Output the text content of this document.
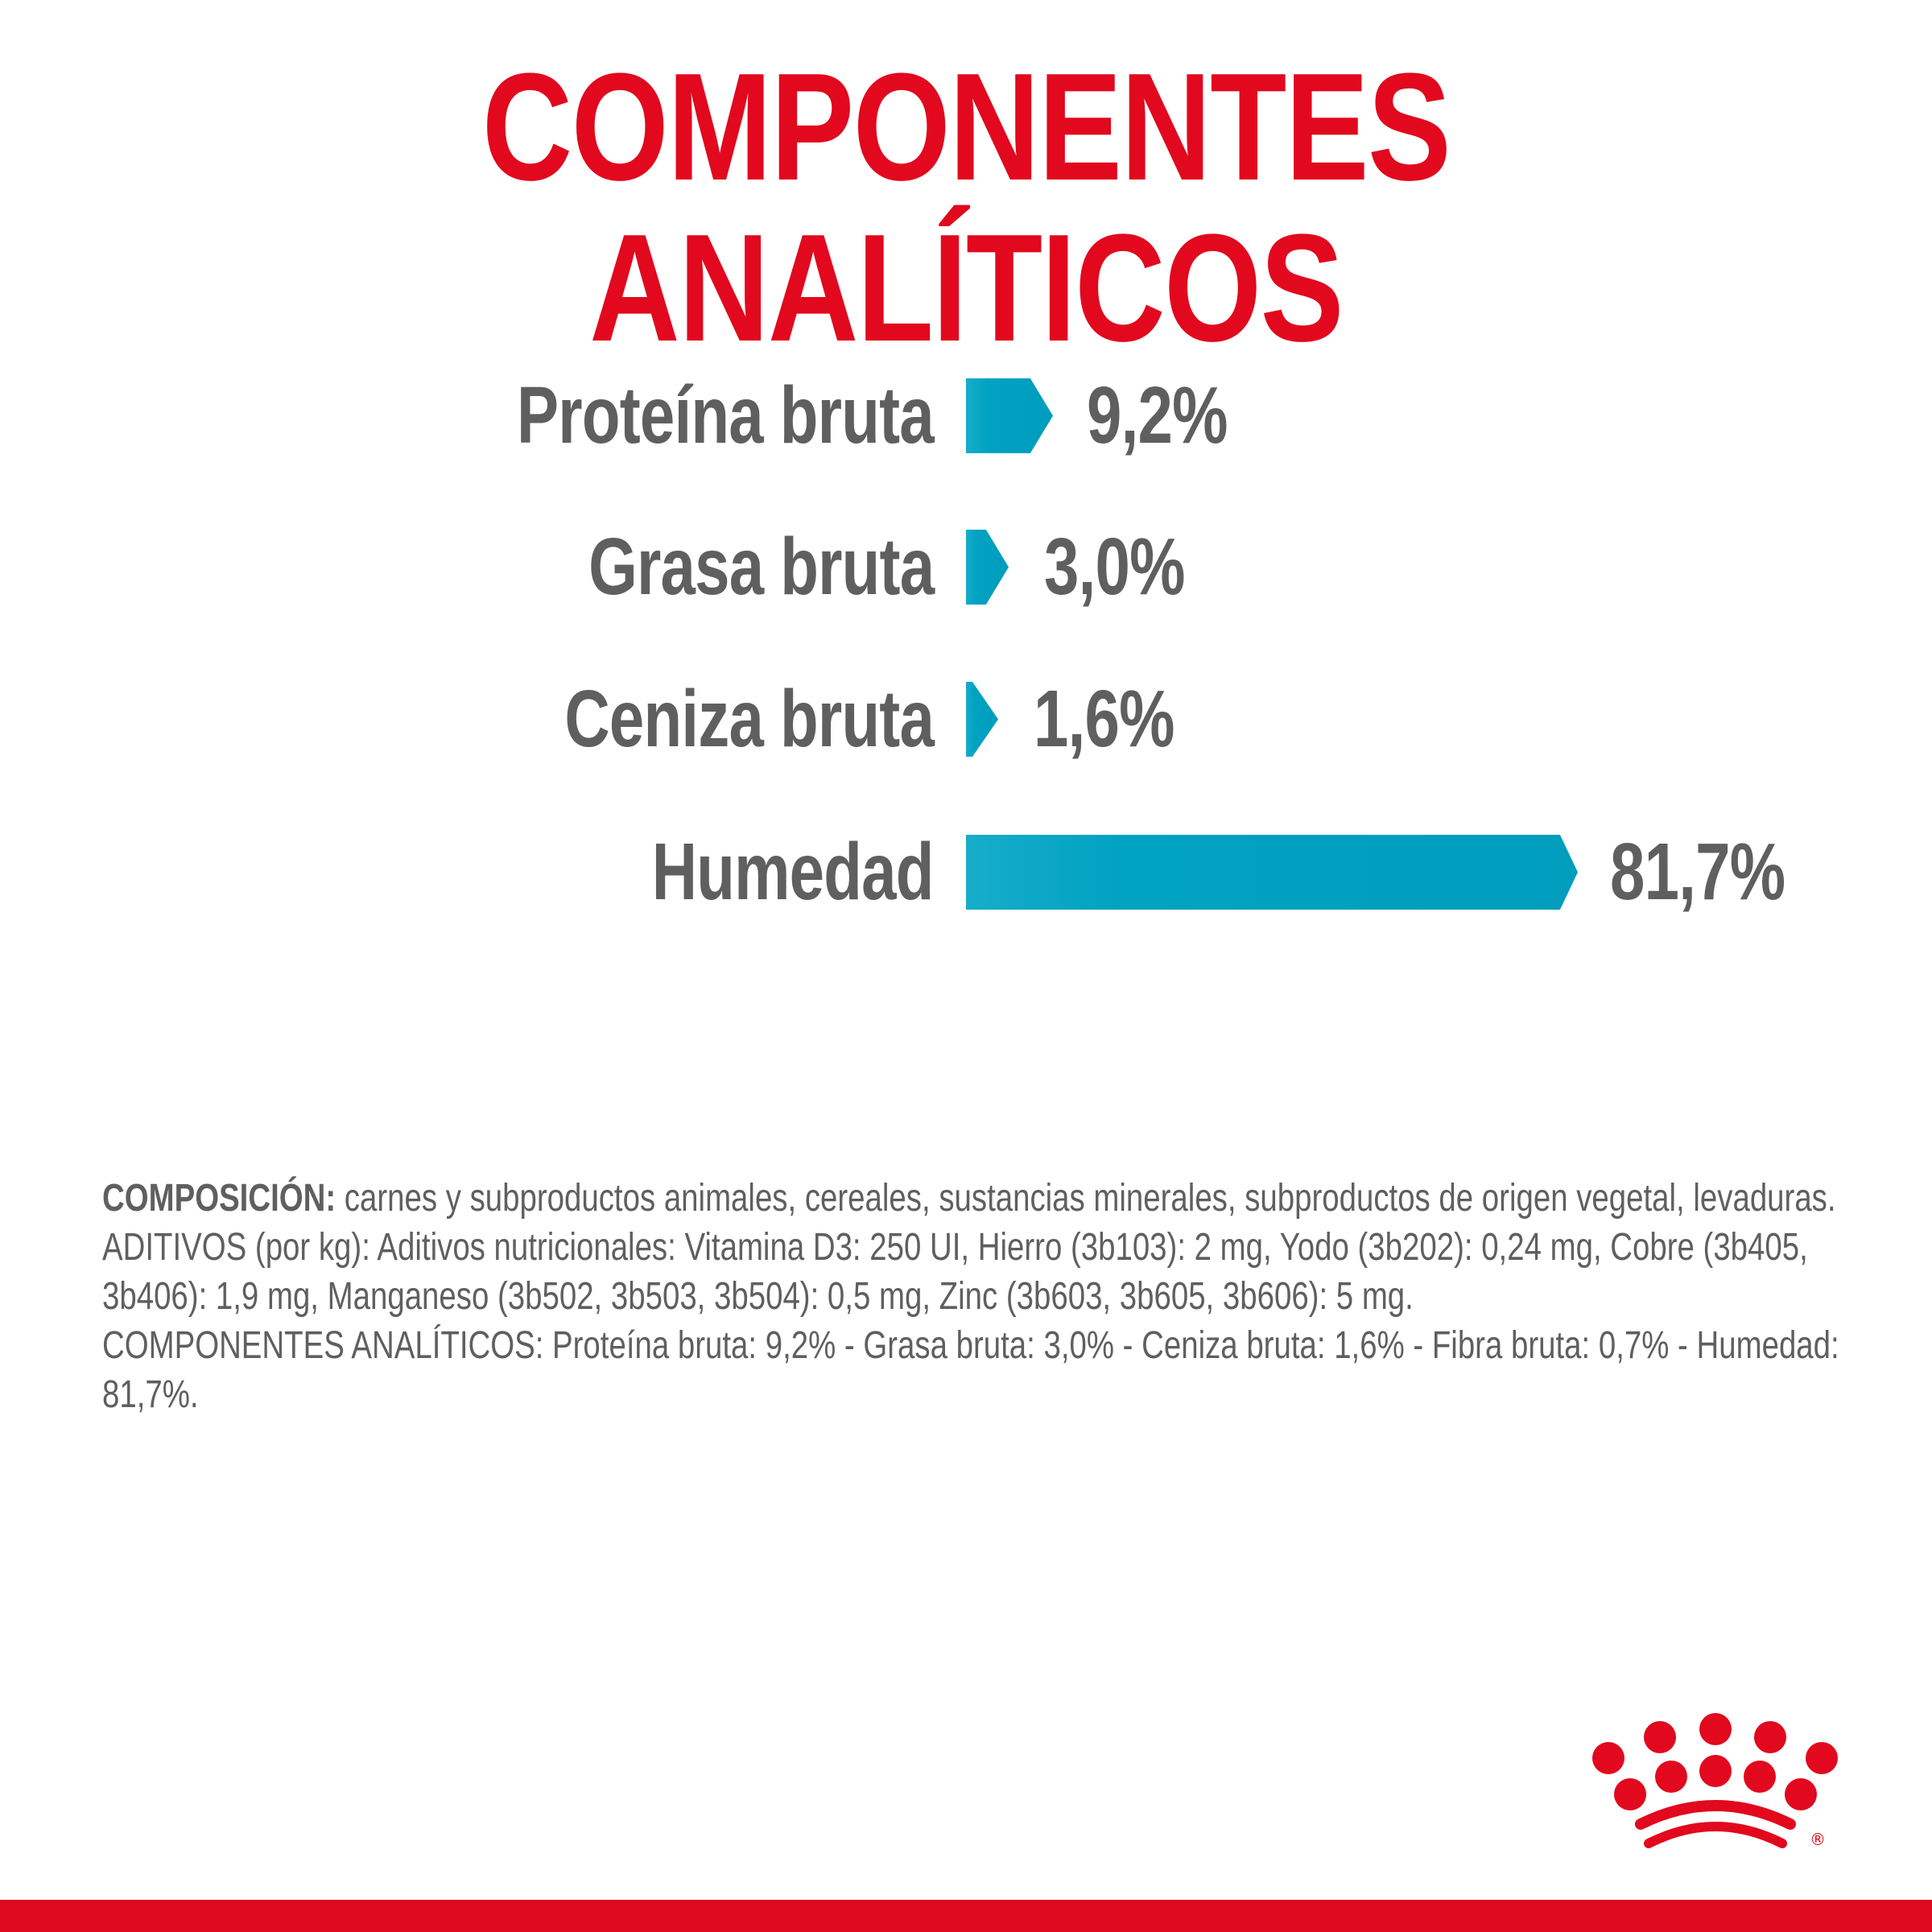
COMPONENTES ANALÍTICOS
Proteína bruta 9,2%
Grasa bruta 3,0%
Ceniza bruta 1,6%
Humedad	81,7%

COMPOSICIÓN: carnes y subproductos animales, cereales, sustancias minerales, subproductos de origen vegetal, levaduras.

ADITIVOS (por kg): Aditivos nutricionales: Vitamina D3: 250 UI, Hierro (3b103): 2 mg, Yodo (3b202): 0,24 mg, Cobre (3b405, 3b406): 1,9 mg, Manganeso (3b502, 3b503, 3b504): 0,5 mg, Zinc (3b603, 3b605, 3b606): 5 mg.

COMPONENTES ANALÍTICOS: Proteína bruta: 9,2% - Grasa bruta: 3,0% - Ceniza bruta: 1,6% - Fibra bruta: 0,7% - Humedad: 81,7%.

®
